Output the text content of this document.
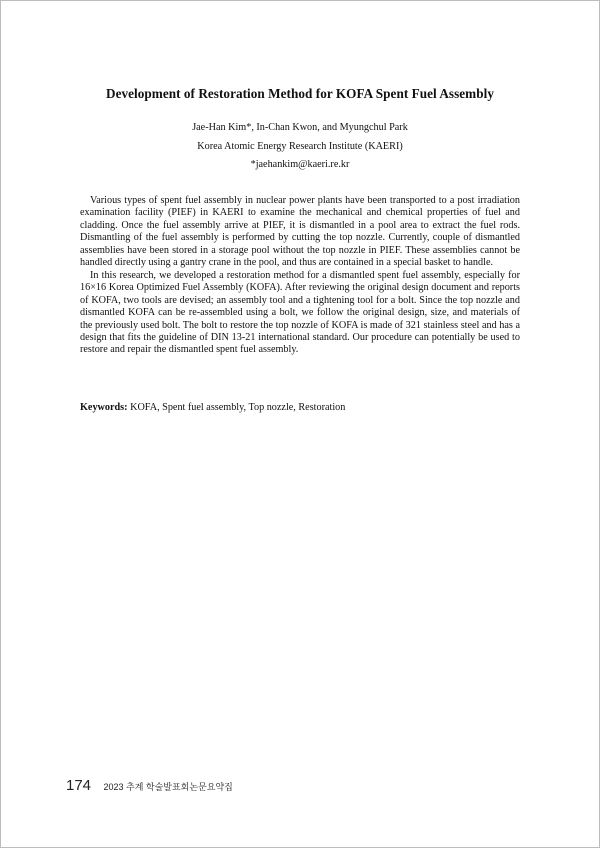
Development of Restoration Method for KOFA Spent Fuel Assembly
Jae-Han Kim*, In-Chan Kwon, and Myungchul Park
Korea Atomic Energy Research Institute (KAERI)
*jaehankim@kaeri.re.kr

Various types of spent fuel assembly in nuclear power plants have been transported to a post irradiation examination facility (PIEF) in KAERI to examine the mechanical and chemical properties of fuel and cladding. Once the fuel assembly arrive at PIEF, it is dismantled in a pool area to extract the fuel rods. Dismantling of the fuel assembly is performed by cutting the top nozzle. Currently, couple of dismantled assemblies have been stored in a storage pool without the top nozzle in PIEF. These assemblies cannot be handled directly using a gantry crane in the pool, and thus are contained in a special basket to handle.

In this research, we developed a restoration method for a dismantled spent fuel assembly, especially for 16×16 Korea Optimized Fuel Assembly (KOFA). After reviewing the original design document and reports of KOFA, two tools are devised; an assembly tool and a tightening tool for a bolt. Since the top nozzle and dismantled KOFA can be re-assembled using a bolt, we follow the original design, size, and materials of the previously used bolt. The bolt to restore the top nozzle of KOFA is made of 321 stainless steel and has a design that fits the guideline of DIN 13-21 international standard. Our procedure can potentially be used to restore and repair the dismantled spent fuel assembly.

Keywords: KOFA, Spent fuel assembly, Top nozzle, Restoration
174 2023 추계 학술발표회논문요약집
